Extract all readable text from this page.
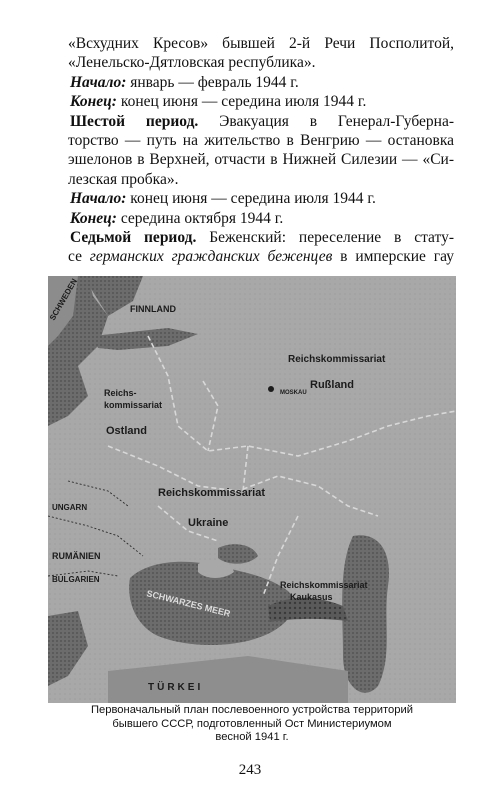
«Всхудних Кресов» бывшей 2-й Речи Посполитой,
«Ленельско-Дятловская республика».
Начало: январь — февраль 1944 г.
Конец: конец июня — середина июля 1944 г.
Шестой период. Эвакуация в Генерал-Губерна-
торство — путь на жительство в Венгрию — остановка
эшелонов в Верхней, отчасти в Нижней Силезии — «Си-
лезская пробка».
Начало: конец июня — середина июля 1944 г.
Конец: середина октября 1944 г.
Седьмой период. Беженский: переселение в стату-
се германских гражданских беженцев в имперские гау
SCHWEDEN	FINNLAND
Reichskommissariat
Rußland
MOSKAU
Reichs-
kommissariat
Ostland
Reichskommissariat
Ukraine
UNGARN
RUMÄNIEN
BULGARIEN
SCHWARZES MEER
Reichskommissariat
Kaukasus
TÜRKEI
Первоначальный план послевоенного устройства территорий
бывшего СССР, подготовленный Ост Министериумом
весной 1941 г.
243
